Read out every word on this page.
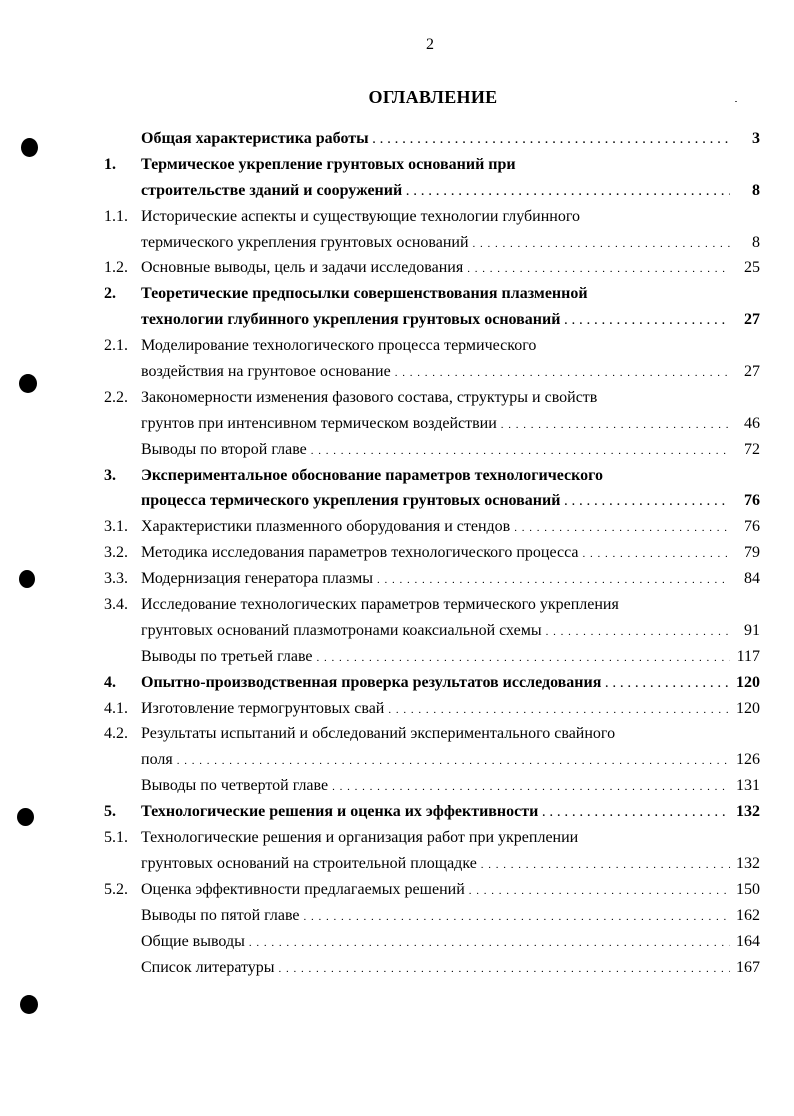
2
ОГЛАВЛЕНИЕ
Общая характеристика работы . . .	3
1.	Термическое укрепление грунтовых оснований при
строительстве зданий и сооружений . . .	8
1.1. Исторические аспекты и существующие технологии глубинного
термического укрепления грунтовых оснований . . .	8
1.2. Основные выводы, цель и задачи исследования . . .	25
2.	Теоретические предпосылки совершенствования плазменной
технологии глубинного укрепления грунтовых оснований . . .	27
2.1. Моделирование технологического процесса термического
воздействия на грунтовое основание . . .	27
2.2. Закономерности изменения фазового состава, структуры и свойств
грунтов при интенсивном термическом воздействии . . .	46
Выводы по второй главе . . .	72
3.	Экспериментальное обоснование параметров технологического
процесса термического укрепления грунтовых оснований . . .	76
3.1. Характеристики плазменного оборудования и стендов . . .	76
3.2. Методика исследования параметров технологического процесса . . .	79
3.3. Модернизация генератора плазмы . . .	84
3.4. Исследование технологических параметров термического укрепления
грунтовых оснований плазмотронами коаксиальной схемы . . .	91
Выводы по третьей главе . . .	117
4.	Опытно-производственная проверка результатов исследования . . .	120
4.1. Изготовление термогрунтовых свай . . .	120
4.2. Результаты испытаний и обследований экспериментального свайного
поля . . .	126
Выводы по четвертой главе . . .	131
5.	Технологические решения и оценка их эффективности . . .	132
5.1. Технологические решения и организация работ при укреплении
грунтовых оснований на строительной площадке . . .	132
5.2. Оценка эффективности предлагаемых решений . . .	150
Выводы по пятой главе . . .	162
Общие выводы . . .	164
Список литературы . . .	167
